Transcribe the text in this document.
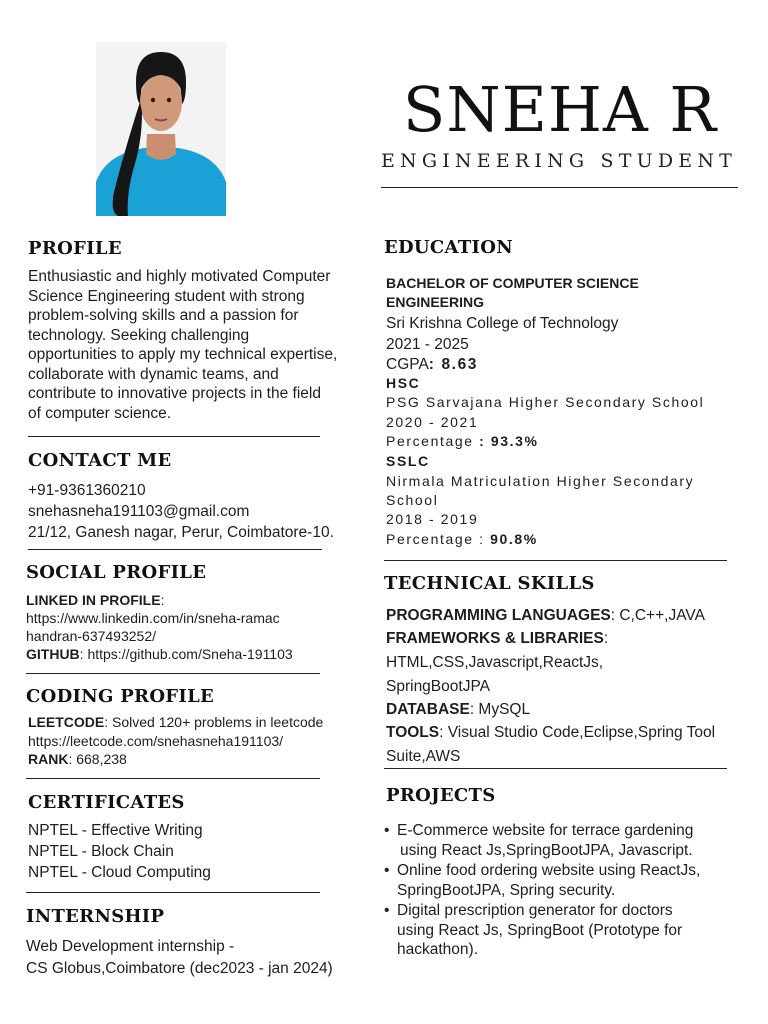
SNEHA R
ENGINEERING STUDENT
PROFILE
Enthusiastic and highly motivated Computer Science Engineering student with strong problem-solving skills and a passion for technology. Seeking challenging opportunities to apply my technical expertise, collaborate with dynamic teams, and contribute to innovative projects in the field of computer science.
CONTACT ME
+91-9361360210
snehasneha191103@gmail.com
21/12, Ganesh nagar, Perur, Coimbatore-10.
SOCIAL PROFILE
LINKED IN PROFILE:
https://www.linkedin.com/in/sneha-ramac
handran-637493252/
GITHUB: https://github.com/Sneha-191103
CODING PROFILE
LEETCODE: Solved 120+ problems in leetcode
https://leetcode.com/snehasneha191103/
RANK: 668,238
CERTIFICATES
NPTEL - Effective Writing
NPTEL - Block Chain
NPTEL - Cloud Computing
INTERNSHIP
Web Development internship -
CS Globus,Coimbatore (dec2023 - jan 2024)
EDUCATION
BACHELOR OF COMPUTER SCIENCE
ENGINEERING
Sri Krishna College of Technology
2021 - 2025
CGPA: 8.63
HSC
PSG Sarvajana Higher Secondary School
2020 - 2021
Percentage : 93.3%
SSLC
Nirmala Matriculation Higher Secondary
School
2018 - 2019
Percentage : 90.8%
TECHNICAL SKILLS
PROGRAMMING LANGUAGES: C,C++,JAVA
FRAMEWORKS & LIBRARIES:
HTML,CSS,Javascript,ReactJs,
SpringBootJPA
DATABASE: MySQL
TOOLS: Visual Studio Code,Eclipse,Spring Tool
Suite,AWS
PROJECTS
• E-Commerce website for terrace gardening
using React Js,SpringBootJPA, Javascript.
• Online food ordering website using ReactJs,
SpringBootJPA, Spring security.
• Digital prescription generator for doctors
using React Js, SpringBoot (Prototype for
hackathon).
